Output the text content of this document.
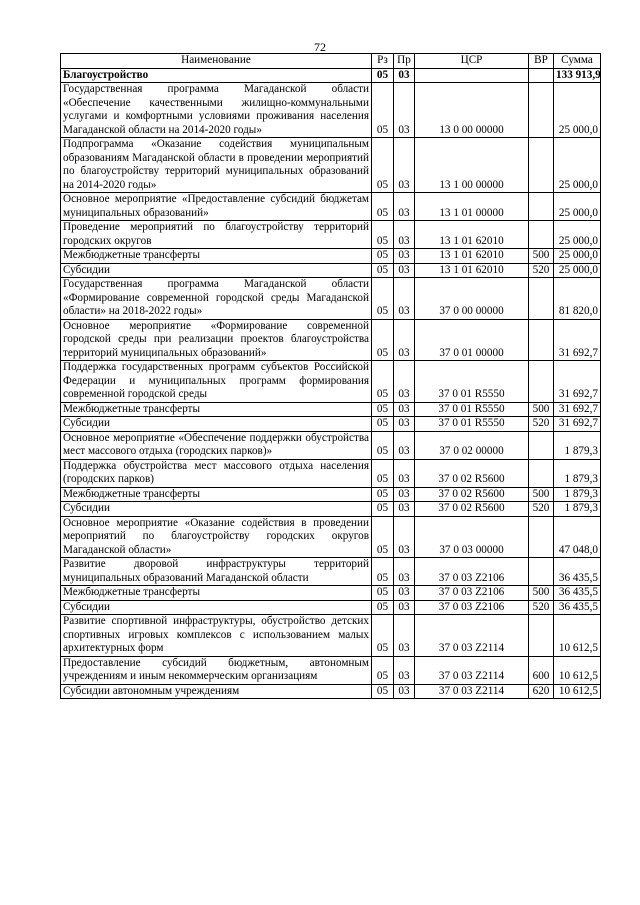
72
Наименование	Рз	Пр	ЦСР	ВР	Сумма
Благоустройство	05	03			133 913,9
Государственная программа Магаданской области «Обеспечение качественными жилищно-коммунальными услугами и комфортными условиями проживания населения Магаданской области на 2014-2020 годы»	05	03	13 0 00 00000		25 000,0
Подпрограмма «Оказание содействия муниципальным образованиям Магаданской области в проведении мероприятий по благоустройству территорий муниципальных образований на 2014-2020 годы»	05	03	13 1 00 00000		25 000,0
Основное мероприятие «Предоставление субсидий бюджетам муниципальных образований»	05	03	13 1 01 00000		25 000,0
Проведение мероприятий по благоустройству территорий городских округов	05	03	13 1 01 62010		25 000,0
Межбюджетные трансферты	05	03	13 1 01 62010	500	25 000,0
Субсидии	05	03	13 1 01 62010	520	25 000,0
Государственная программа Магаданской области «Формирование современной городской среды Магаданской области» на 2018-2022 годы»	05	03	37 0 00 00000		81 820,0
Основное мероприятие «Формирование современной городской среды при реализации проектов благоустройства территорий муниципальных образований»	05	03	37 0 01 00000		31 692,7
Поддержка государственных программ субъектов Российской Федерации и муниципальных программ формирования современной городской среды	05	03	37 0 01 R5550		31 692,7
Межбюджетные трансферты	05	03	37 0 01 R5550	500	31 692,7
Субсидии	05	03	37 0 01 R5550	520	31 692,7
Основное мероприятие «Обеспечение поддержки обустройства мест массового отдыха (городских парков)»	05	03	37 0 02 00000		1 879,3
Поддержка обустройства мест массового отдыха населения (городских парков)	05	03	37 0 02 R5600		1 879,3
Межбюджетные трансферты	05	03	37 0 02 R5600	500	1 879,3
Субсидии	05	03	37 0 02 R5600	520	1 879,3
Основное мероприятие «Оказание содействия в проведении мероприятий по благоустройству городских округов Магаданской области»	05	03	37 0 03 00000		47 048,0
Развитие дворовой инфраструктуры территорий муниципальных образований Магаданской области	05	03	37 0 03 Z2106		36 435,5
Межбюджетные трансферты	05	03	37 0 03 Z2106	500	36 435,5
Субсидии	05	03	37 0 03 Z2106	520	36 435,5
Развитие спортивной инфраструктуры, обустройство детских спортивных игровых комплексов с использованием малых архитектурных форм	05	03	37 0 03 Z2114		10 612,5
Предоставление субсидий бюджетным, автономным учреждениям и иным некоммерческим организациям	05	03	37 0 03 Z2114	600	10 612,5
Субсидии автономным учреждениям	05	03	37 0 03 Z2114	620	10 612,5
